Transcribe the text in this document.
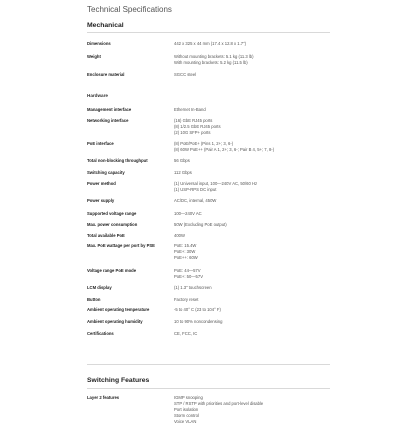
Technical Specifications
Mechanical
Dimensions	442 x 325 x 44 mm (17.4 x 12.8 x 1.7")
Weight	Without mounting brackets: 5.1 kg (11.3 lb)
With mounting brackets: 5.2 kg (11.5 lb)
Enclosure material	SGCC steel
Hardware
Management interface	Ethernet In-Band
Networking interface	(16) GbE RJ45 ports
(8) 1/2.5 GbE RJ45 ports
(2) 10G SFP+ ports
PoE interface	(8) PoE/PoE+ (Pins 1, 2+; 3, 6-)
(8) 60W PoE++ (Pair A 1, 2+; 3, 6-; Pair B 4, 5+; 7, 8-)
Total non-blocking throughput	56 Gbps
Switching capacity	112 Gbps
Power method	(1) Universal input, 100—240V AC, 50/60 Hz
(1) USP-RPS DC input
Power supply	AC/DC, internal, 450W
Supported voltage range	100—240V AC
Max. power consumption	50W (Excluding PoE output)
Total available PoE	400W
Max. PoE wattage per port by PSE	PoE: 15.4W
PoE+: 30W
PoE++: 60W
Voltage range PoE mode	PoE: 44—57V
PoE+: 50—57V
LCM display	(1) 1.3" touchscreen
Button	Factory reset
Ambient operating temperature	-5 to 40° C (23 to 104° F)
Ambient operating humidity	10 to 90% noncondensing
Certifications	CE, FCC, IC
Switching Features
Layer 2 features	IGMP snooping
STP / RSTP with priorities and port-level disable
Port isolation
Storm control
Voice VLAN
